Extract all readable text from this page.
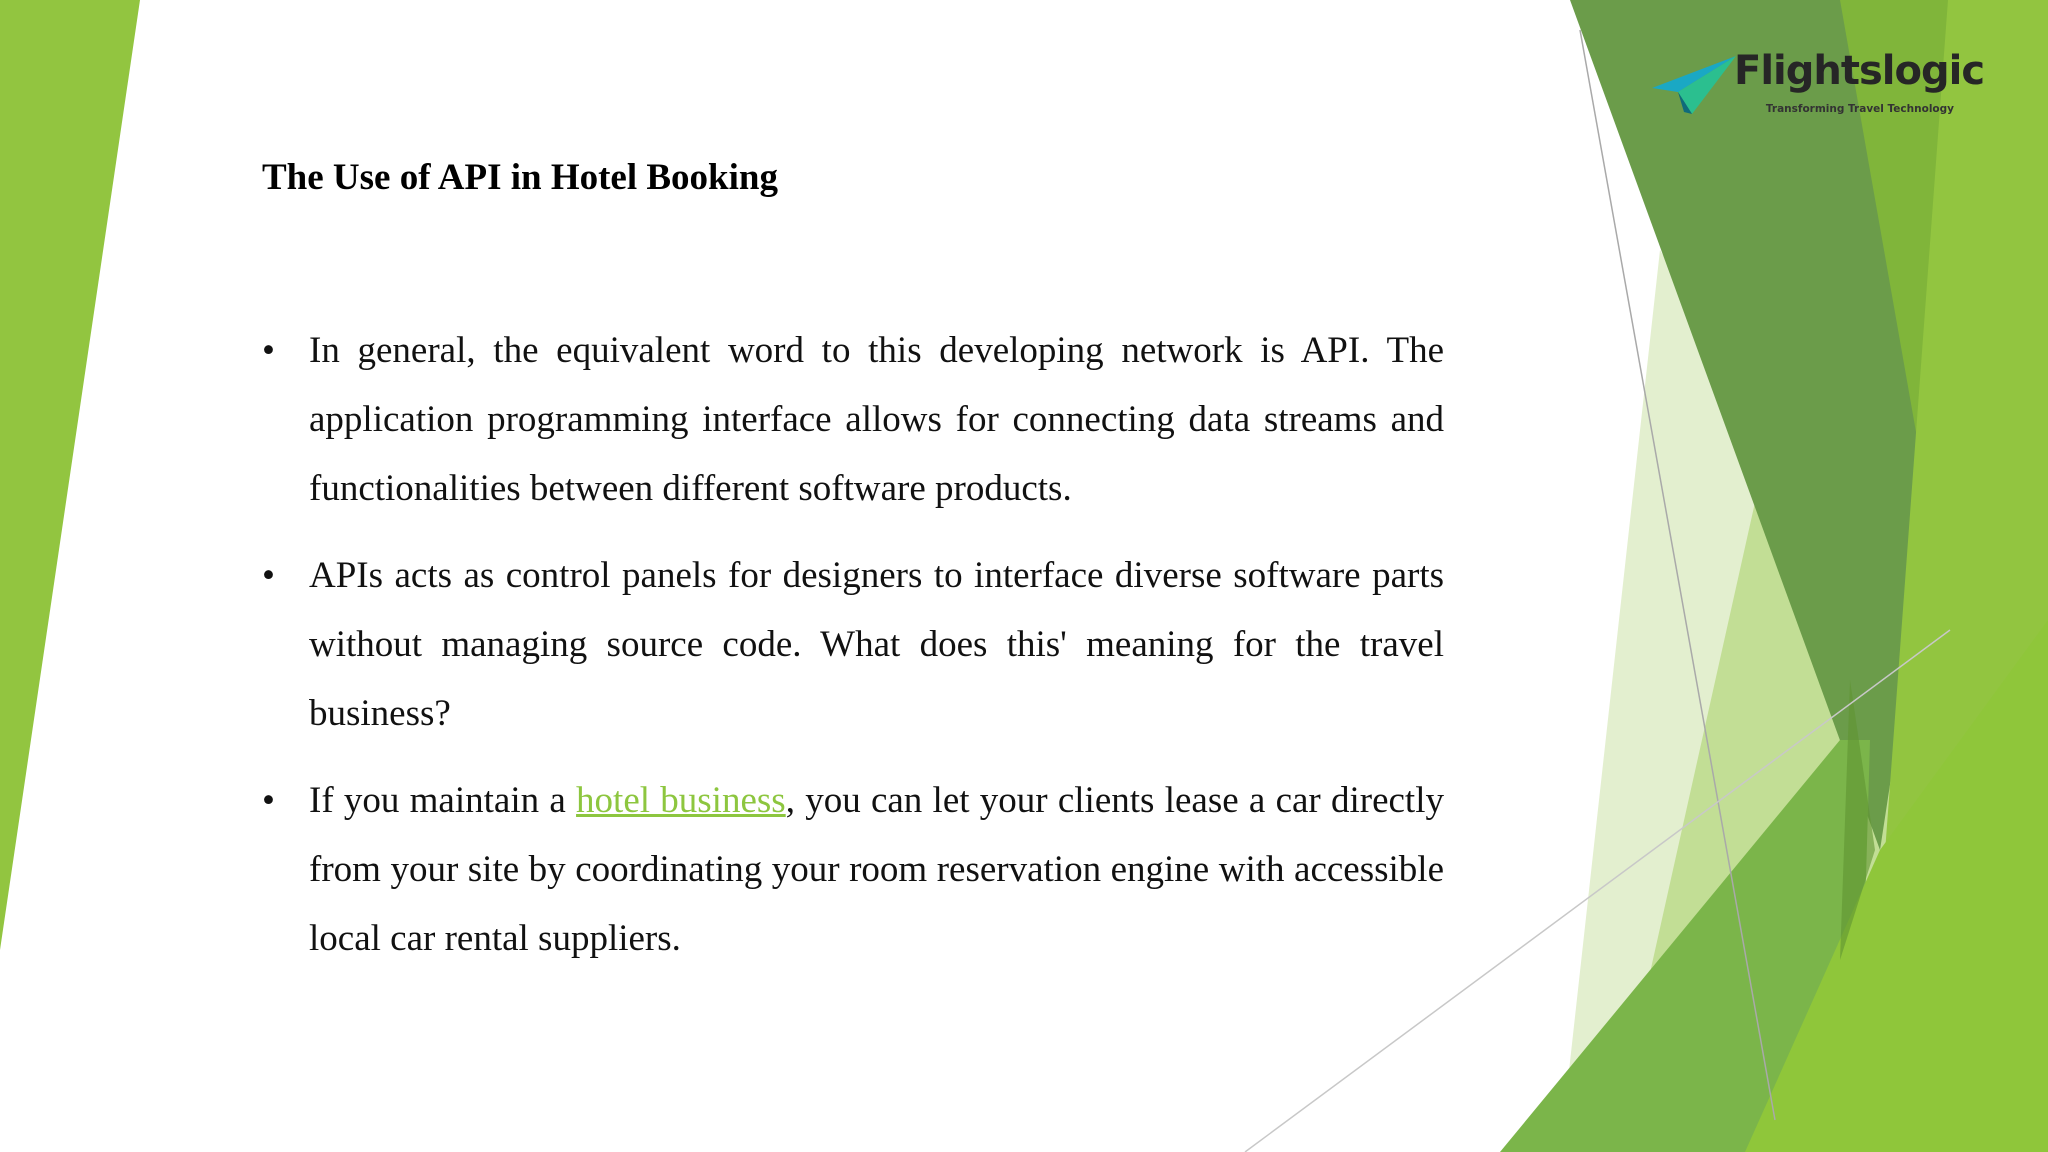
Flightslogic
Transforming Travel Technology
The Use of API in Hotel Booking
• In general, the equivalent word to this developing network is API. The application programming interface allows for connecting data streams and functionalities between different software products.
• APIs acts as control panels for designers to interface diverse software parts without managing source code. What does this' meaning for the travel business?
• If you maintain a hotel business, you can let your clients lease a car directly from your site by coordinating your room reservation engine with accessible local car rental suppliers.
